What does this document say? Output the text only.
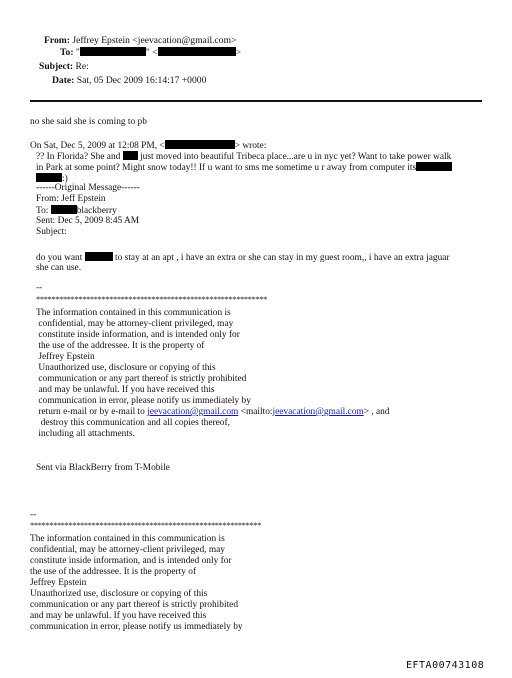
From: Jeffrey Epstein <jeevacation@gmail.com>
To: "	" <	>
Subject: Re:
Date: Sat, 05 Dec 2009 16:14:17 +0000
no she said she is coming to pb
On Sat, Dec 5, 2009 at 12:08 PM, <	> wrote:
?? In Florida? She and just moved into beautiful Tribeca place...are u in nyc yet? Want to take power walk
in Park at some point? Might snow today!! If u want to sms me sometime u r away from computer its
:)
------Original Message------
From: Jeff Epstein
To:	blackberry
Sent: Dec 5, 2009 8:45 AM
Subject:
do you want	to stay at an apt , i have an extra or she can stay in my guest room,, i have an extra jaguar
she can use.
--
************************************************************
The information contained in this communication is
confidential, may be attorney-client privileged, may
constitute inside information, and is intended only for
the use of the addressee. It is the property of
Jeffrey Epstein
Unauthorized use, disclosure or copying of this
communication or any part thereof is strictly prohibited
and may be unlawful. If you have received this
communication in error, please notify us immediately by
return e-mail or by e-mail to jeevacation@gmail.com <mailto:jeevacation@gmail.com> , and
destroy this communication and all copies thereof,
including all attachments.
Sent via BlackBerry from T-Mobile
--
************************************************************
The information contained in this communication is
confidential, may be attorney-client privileged, may
constitute inside information, and is intended only for
the use of the addressee. It is the property of
Jeffrey Epstein
Unauthorized use, disclosure or copying of this
communication or any part thereof is strictly prohibited
and may be unlawful. If you have received this
communication in error, please notify us immediately by
EFTA00743108
